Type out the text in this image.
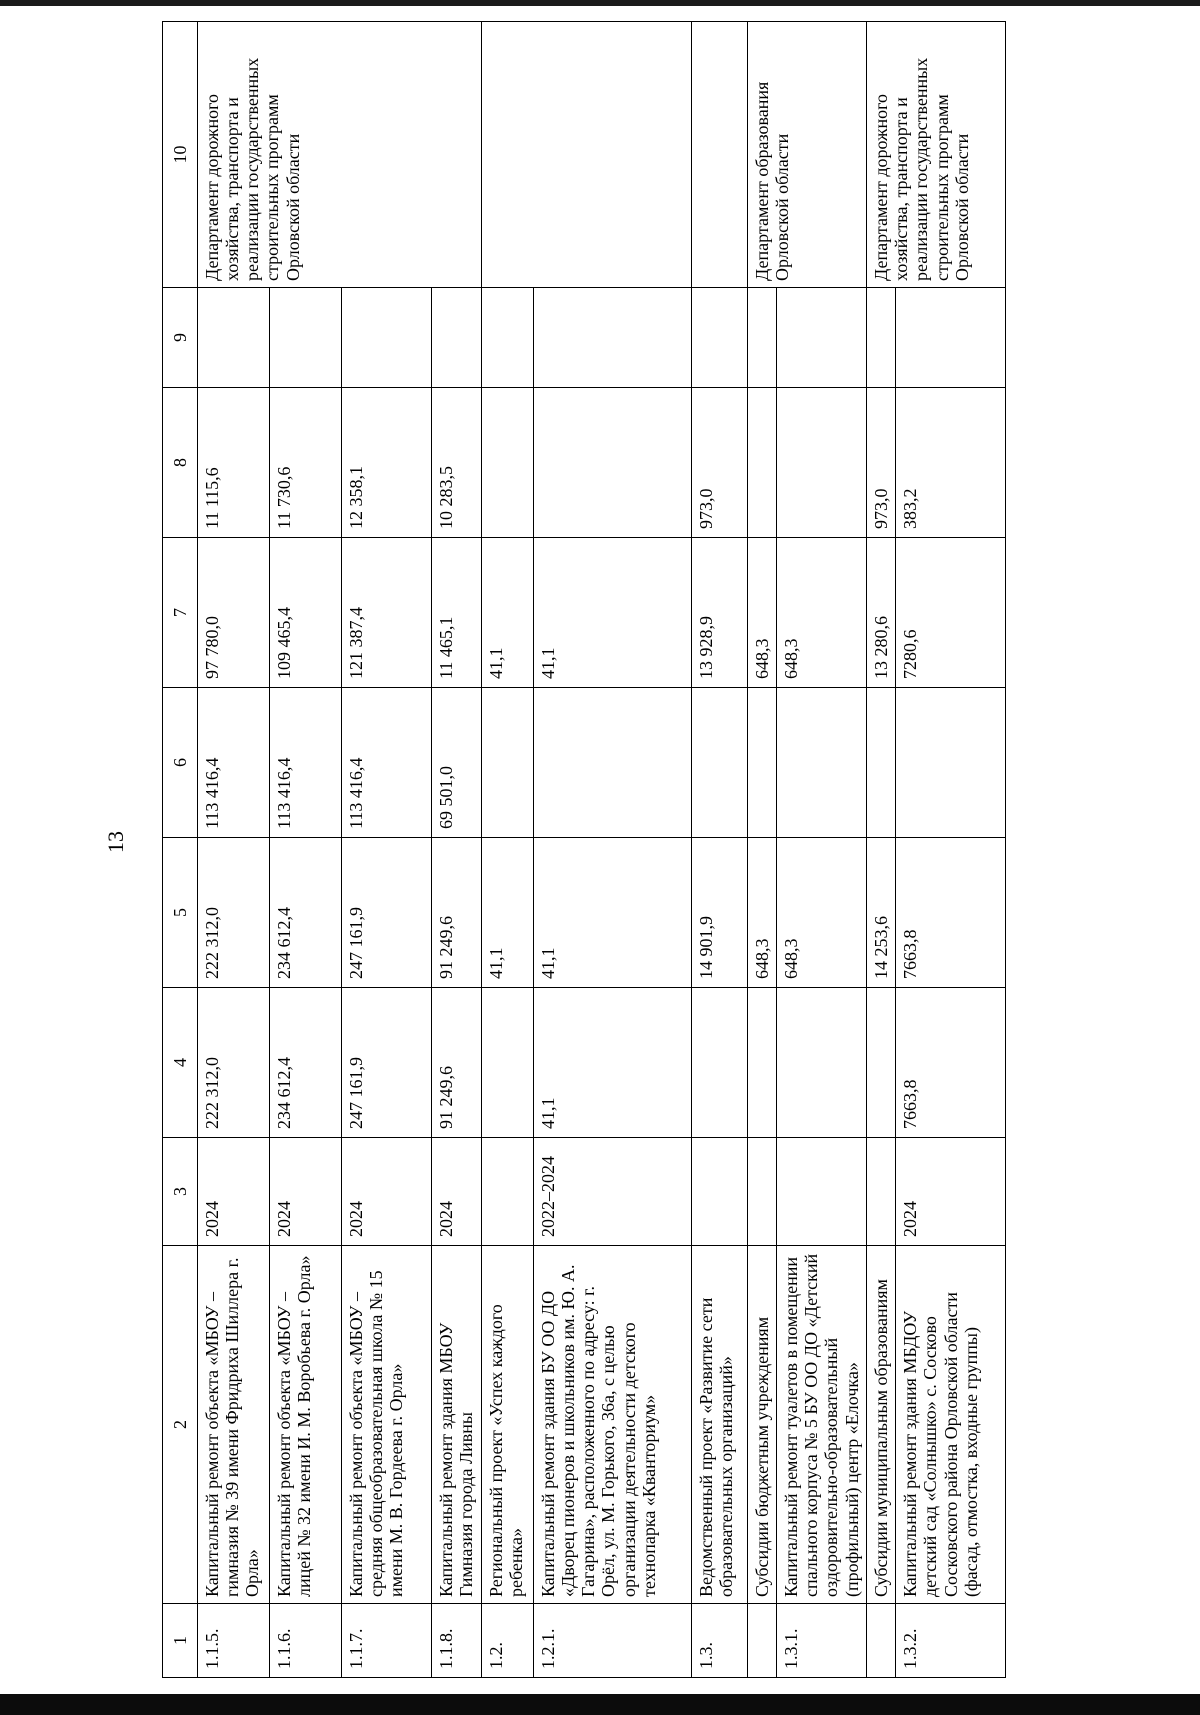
13
1	2	3	4	5	6	7	8	9	10
1.1.5.	Капитальный ремонт объекта «МБОУ – гимназия № 39 имени Фридриха Шиллера г. Орла»	2024	222 312,0	222 312,0	113 416,4	97 780,0	11 115,6		Департамент дорожного хозяйства, транспорта и реализации государственных строительных программ Орловской области
1.1.6.	Капитальный ремонт объекта «МБОУ – лицей № 32 имени И. М. Воробьева г. Орла»	2024	234 612,4	234 612,4	113 416,4	109 465,4	11 730,6		
1.1.7.	Капитальный ремонт объекта «МБОУ – средняя общеобразовательная школа № 15 имени М. В. Гордеева г. Орла»	2024	247 161,9	247 161,9	113 416,4	121 387,4	12 358,1		
1.1.8.	Капитальный ремонт здания МБОУ Гимназия города Ливны	2024	91 249,6	91 249,6	69 501,0	11 465,1	10 283,5		
1.2.	Региональный проект «Успех каждого ребенка»			41,1		41,1			
1.2.1.	Капитальный ремонт здания БУ ОО ДО «Дворец пионеров и школьников им. Ю. А. Гагарина», расположенного по адресу: г. Орёл, ул. М. Горького, 36а, с целью организации деятельности детского технопарка «Кванториум»	2022–2024	41,1	41,1		41,1			
1.3.	Ведомственный проект «Развитие сети образовательных организаций»			14 901,9		13 928,9	973,0		
	Субсидии бюджетным учреждениям			648,3		648,3			Департамент образования Орловской области
1.3.1.	Капитальный ремонт туалетов в помещении спального корпуса № 5 БУ ОО ДО «Детский оздоровительно-образовательный (профильный) центр «Елочка»			648,3		648,3			
	Субсидии муниципальным образованиям			14 253,6		13 280,6	973,0		Департамент дорожного хозяйства, транспорта и реализации государственных строительных программ Орловской области
1.3.2.	Капитальный ремонт здания МБДОУ детский сад «Солнышко» с. Сосково Сосковского района Орловской области (фасад, отмостка, входные группы)	2024	7663,8	7663,8		7280,6	383,2		
